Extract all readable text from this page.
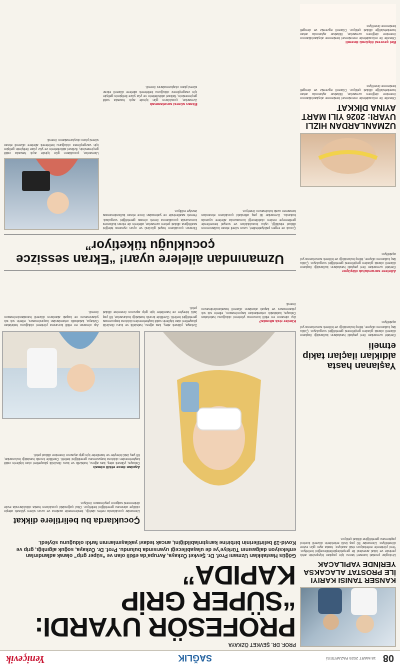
08
18 MART 2025 PAZARTESİ
SAĞLIK
Yeniçevik
KANSER TANISI KARIYI İLE PROSTAT ALACAKSA YERİNDE YAPILACAK
Urologlar prostat kanseri tanısı için yapılan biyopsinin artık yerinde ve lokal anestezi ile gerçekleştirilebileceğini belirtiyor. Yeni yöntemle enfeksiyon riski azalıyor, hasta aynı gün evine dönebiliyor. Uzmanlar 50 yaş üstü erkeklerin düzenli kontrol yaptırması gerektiğine dikkat çekiyor.
Yaşlanan hasta aldıkları ilaçları takip etmeli
Geriatri uzmanları ileri yaştaki hastaların kullandığı ilaçların düzenli olarak gözden geçirilmesi gerektiğini vurguluyor. Çoklu ilaç kullanımı düşme, bilinç bulanıklığı ve böbrek sorunlarına yol açabiliyor.
Ailelere sorumluluk düşüyor
Geriatri uzmanları ileri yaştaki hastaların kullandığı ilaçların düzenli olarak gözden geçirilmesi gerektiğini vurguluyor. Çoklu ilaç kullanımı düşme, bilinç bulanıklığı ve böbrek sorunlarına yol açabiliyor.
UZMANLARDAN HIZLI UYARI: 2026 YILI MART AYINA DİKKAT
Obezite ile mücadelede mevsimsel beslenme alışkanlıklarının önemine değinen uzmanlar, ilkbahar aylarında artan hareketsizliğe dikkat çekiyor. Düzenli egzersiz ve dengeli beslenme öneriliyor.
Bel çevresi ölçümü önemli
Obezite ile mücadelede mevsimsel beslenme alışkanlıklarının önemine değinen uzmanlar, ilkbahar aylarında artan hareketsizliğe dikkat çekiyor. Düzenli egzersiz ve dengeli beslenme öneriliyor.
PROF. DR. ŞEVKET ÖZKAYA
PROFESÖR UYARDI: “SÜPER GRİP KAPIDA”
Göğüs Hastalıkları Uzmanı Prof. Dr. Şevket Özkaya, Avrupa’da etkili olan ve “süper grip” olarak adlandırılan enfeksiyon dalgasının Türkiye’ye de ulaşabileceği uyarısında bulundu. Prof. Dr. Özkaya, soğuk algınlığı, grip ve Kovid-19 belirtilerinin birbirine karıştırılabildiğini, ancak tedavi yaklaşımlarının farklı olduğunu söyledi.
Çocuklarda bu belirtilere dikkat
Uzmanlar çocuklarda nefes darlığı, beslenmede azalma ve uzun süren yüksek ateşin ciddiye alınması gerektiğini belirtiyor. Okul çağındaki çocukların hasta olduklarında evde dinlenmesi salgının yayılmasını önlüyor.
Aşıdan önce etkili olmalı
Özkaya, yüksek ateş, kas ağrısı, halsizlik ve kuru öksürük şikayetleri olan kişilerin vakit kaybetmeden doktora başvurması gerektiğini belirtti. Özellikle kronik hastalığı bulunanlar, 65 yaş üstü bireyler ve hamileler için grip aşısının önemine dikkat çekti.
Kimler risk altında?
Aşı olmanın en etkili korunma yöntemi olduğunu hatırlatan Özkaya, kalabalık ortamlardan kaçınılmasını, ellerin sık sık yıkanmasını ve kapalı alanların düzenli havalandırılmasını önerdi.
Özkaya, yüksek ateş, kas ağrısı, halsizlik ve kuru öksürük şikayetleri olan kişilerin vakit kaybetmeden doktora başvurması gerektiğini belirtti. Özellikle kronik hastalığı bulunanlar, 65 yaş üstü bireyler ve hamileler için grip aşısının önemine dikkat çekti.
Aşı olmanın en etkili korunma yöntemi olduğunu hatırlatan Özkaya, kalabalık ortamlardan kaçınılmasını, ellerin sık sık yıkanmasını ve kapalı alanların düzenli havalandırılmasını önerdi.
Uzmanından ailelere uyarı! “Ekran sessizce çocukluğu tüketiyor”
Çocuk ve ergen psikiyatristleri, uzun süreli ekran kullanımının dikkat eksikliği, uyku bozuklukları ve sosyal becerilerde gerilemeye neden olabileceği konusunda ailelere uyarıda bulundu. Uzmanlar iki yaş altındaki çocukların ekrandan tamamen uzak tutulmasını öneriyor.
Ekranın çocukların hayal gücünü ve oyun oynama isteğini azalttığına dikkat çeken uzmanlar, ailelerin de ekran kullanımı konusunda çocuklarına örnek olması gerektiğini vurguladı. Yemek saatlerinde ve yatmadan önce ekran kullanılmaması tavsiye ediliyor.
Ekran süresi sınırlanmalı
Uzmanlar, çocukların gün içinde açık havada vakit geçirmesinin, fiziksel aktivitelerin ve yüz yüze iletişimin gelişim için vazgeçilmez olduğunu belirterek ailelere düzenli ekran süresi planı oluşturmalarını önerdi.
Uzmanlar, çocukların gün içinde açık havada vakit geçirmesinin, fiziksel aktivitelerin ve yüz yüze iletişimin gelişim için vazgeçilmez olduğunu belirterek ailelere düzenli ekran süresi planı oluşturmalarını önerdi.
